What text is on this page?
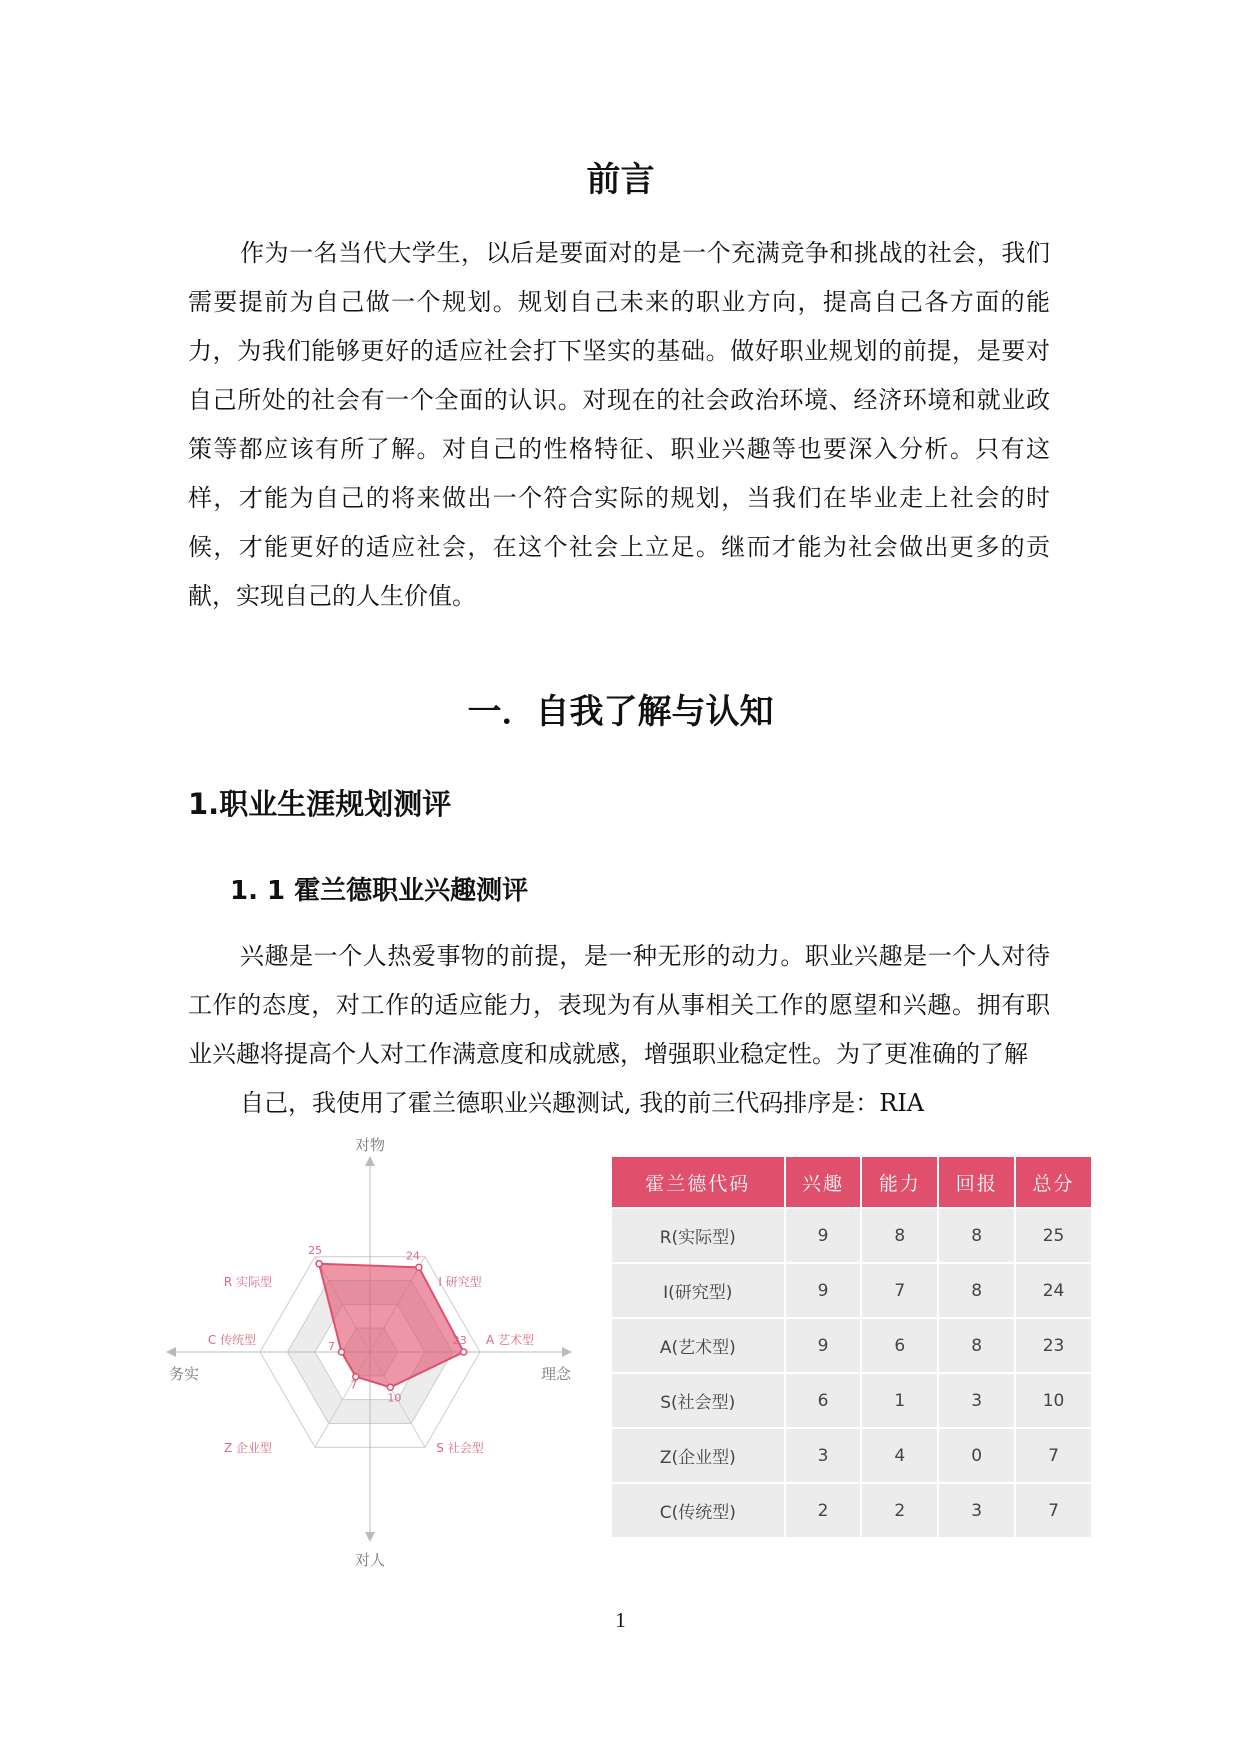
前言

作为一名当代大学生，以后是要面对的是一个充满竞争和挑战的社会，我们需要提前为自己做一个规划。规划自己未来的职业方向，提高自己各方面的能力，为我们能够更好的适应社会打下坚实的基础。做好职业规划的前提，是要对自己所处的社会有一个全面的认识。对现在的社会政治环境、经济环境和就业政策等都应该有所了解。对自己的性格特征、职业兴趣等也要深入分析。只有这样，才能为自己的将来做出一个符合实际的规划，当我们在毕业走上社会的时候，才能更好的适应社会，在这个社会上立足。继而才能为社会做出更多的贡献，实现自己的人生价值。

一．自我了解与认知
1.职业生涯规划测评
1. 1 霍兰德职业兴趣测评

兴趣是一个人热爱事物的前提，是一种无形的动力。职业兴趣是一个人对待工作的态度，对工作的适应能力，表现为有从事相关工作的愿望和兴趣。拥有职业兴趣将提高个人对工作满意度和成就感，增强职业稳定性。为了更准确的了解

自己，我使用了霍兰德职业兴趣测试, 我的前三代码排序是：RIA

对物
对人
务实	理念
25	24
23
10
7
7
R 实际型	I 研究型
A 艺术型
S 社会型
Z 企业型
C 传统型
霍兰德代码	兴趣	能力	回报	总分
R(实际型)	9	8	8	25
I(研究型)	9	7	8	24
A(艺术型)	9	6	8	23
S(社会型)	6	1	3	10
Z(企业型)	3	4	0	7
C(传统型)	2	2	3	7
1
